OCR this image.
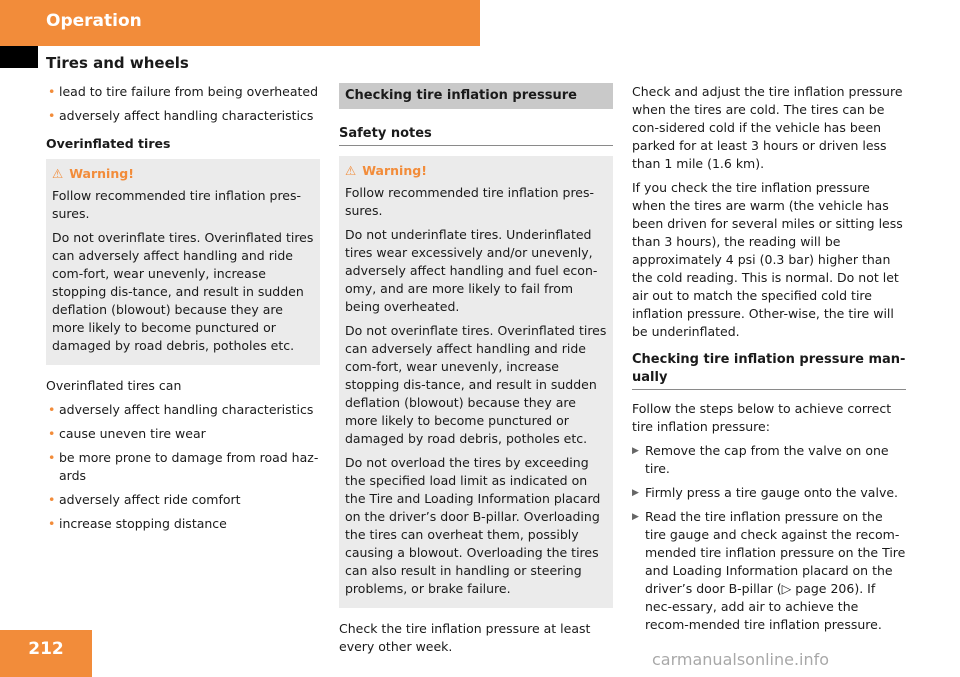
Operation
Tires and wheels
• lead to tire failure from being overheated
• adversely affect handling characteristics
Overinflated tires
⚠ Warning!

Follow recommended tire inflation pres-sures.

Do not overinflate tires. Overinflated tires can adversely affect handling and ride com-fort, wear unevenly, increase stopping dis-tance, and result in sudden deflation (blowout) because they are more likely to become punctured or damaged by road debris, potholes etc.

Overinflated tires can

• adversely affect handling characteristics
• cause uneven tire wear
• be more prone to damage from road haz-ards
• adversely affect ride comfort
• increase stopping distance
Checking tire inflation pressure
Safety notes
⚠ Warning!

Follow recommended tire inflation pres-sures.

Do not underinflate tires. Underinflated tires wear excessively and/or unevenly, adversely affect handling and fuel econ-omy, and are more likely to fail from being overheated.

Do not overinflate tires. Overinflated tires can adversely affect handling and ride com-fort, wear unevenly, increase stopping dis-tance, and result in sudden deflation (blowout) because they are more likely to become punctured or damaged by road debris, potholes etc.

Do not overload the tires by exceeding the specified load limit as indicated on the Tire and Loading Information placard on the driver’s door B-pillar. Overloading the tires can overheat them, possibly causing a blowout. Overloading the tires can also result in handling or steering problems, or brake failure.

Check the tire inflation pressure at least every other week.

Check and adjust the tire inflation pressure when the tires are cold. The tires can be con-sidered cold if the vehicle has been parked for at least 3 hours or driven less than 1 mile (1.6 km).

If you check the tire inflation pressure when the tires are warm (the vehicle has been driven for several miles or sitting less than 3 hours), the reading will be approximately 4 psi (0.3 bar) higher than the cold reading. This is normal. Do not let air out to match the specified cold tire inflation pressure. Other-wise, the tire will be underinflated.

Checking tire inflation pressure man-ually

Follow the steps below to achieve correct tire inflation pressure:

▶ Remove the cap from the valve on one tire.
▶ Firmly press a tire gauge onto the valve.
▶ Read the tire inflation pressure on the tire gauge and check against the recom-mended tire inflation pressure on the Tire and Loading Information placard on the driver’s door B-pillar (▷ page 206). If nec-essary, add air to achieve the recom-mended tire inflation pressure.
212
carmanualsonline.info
